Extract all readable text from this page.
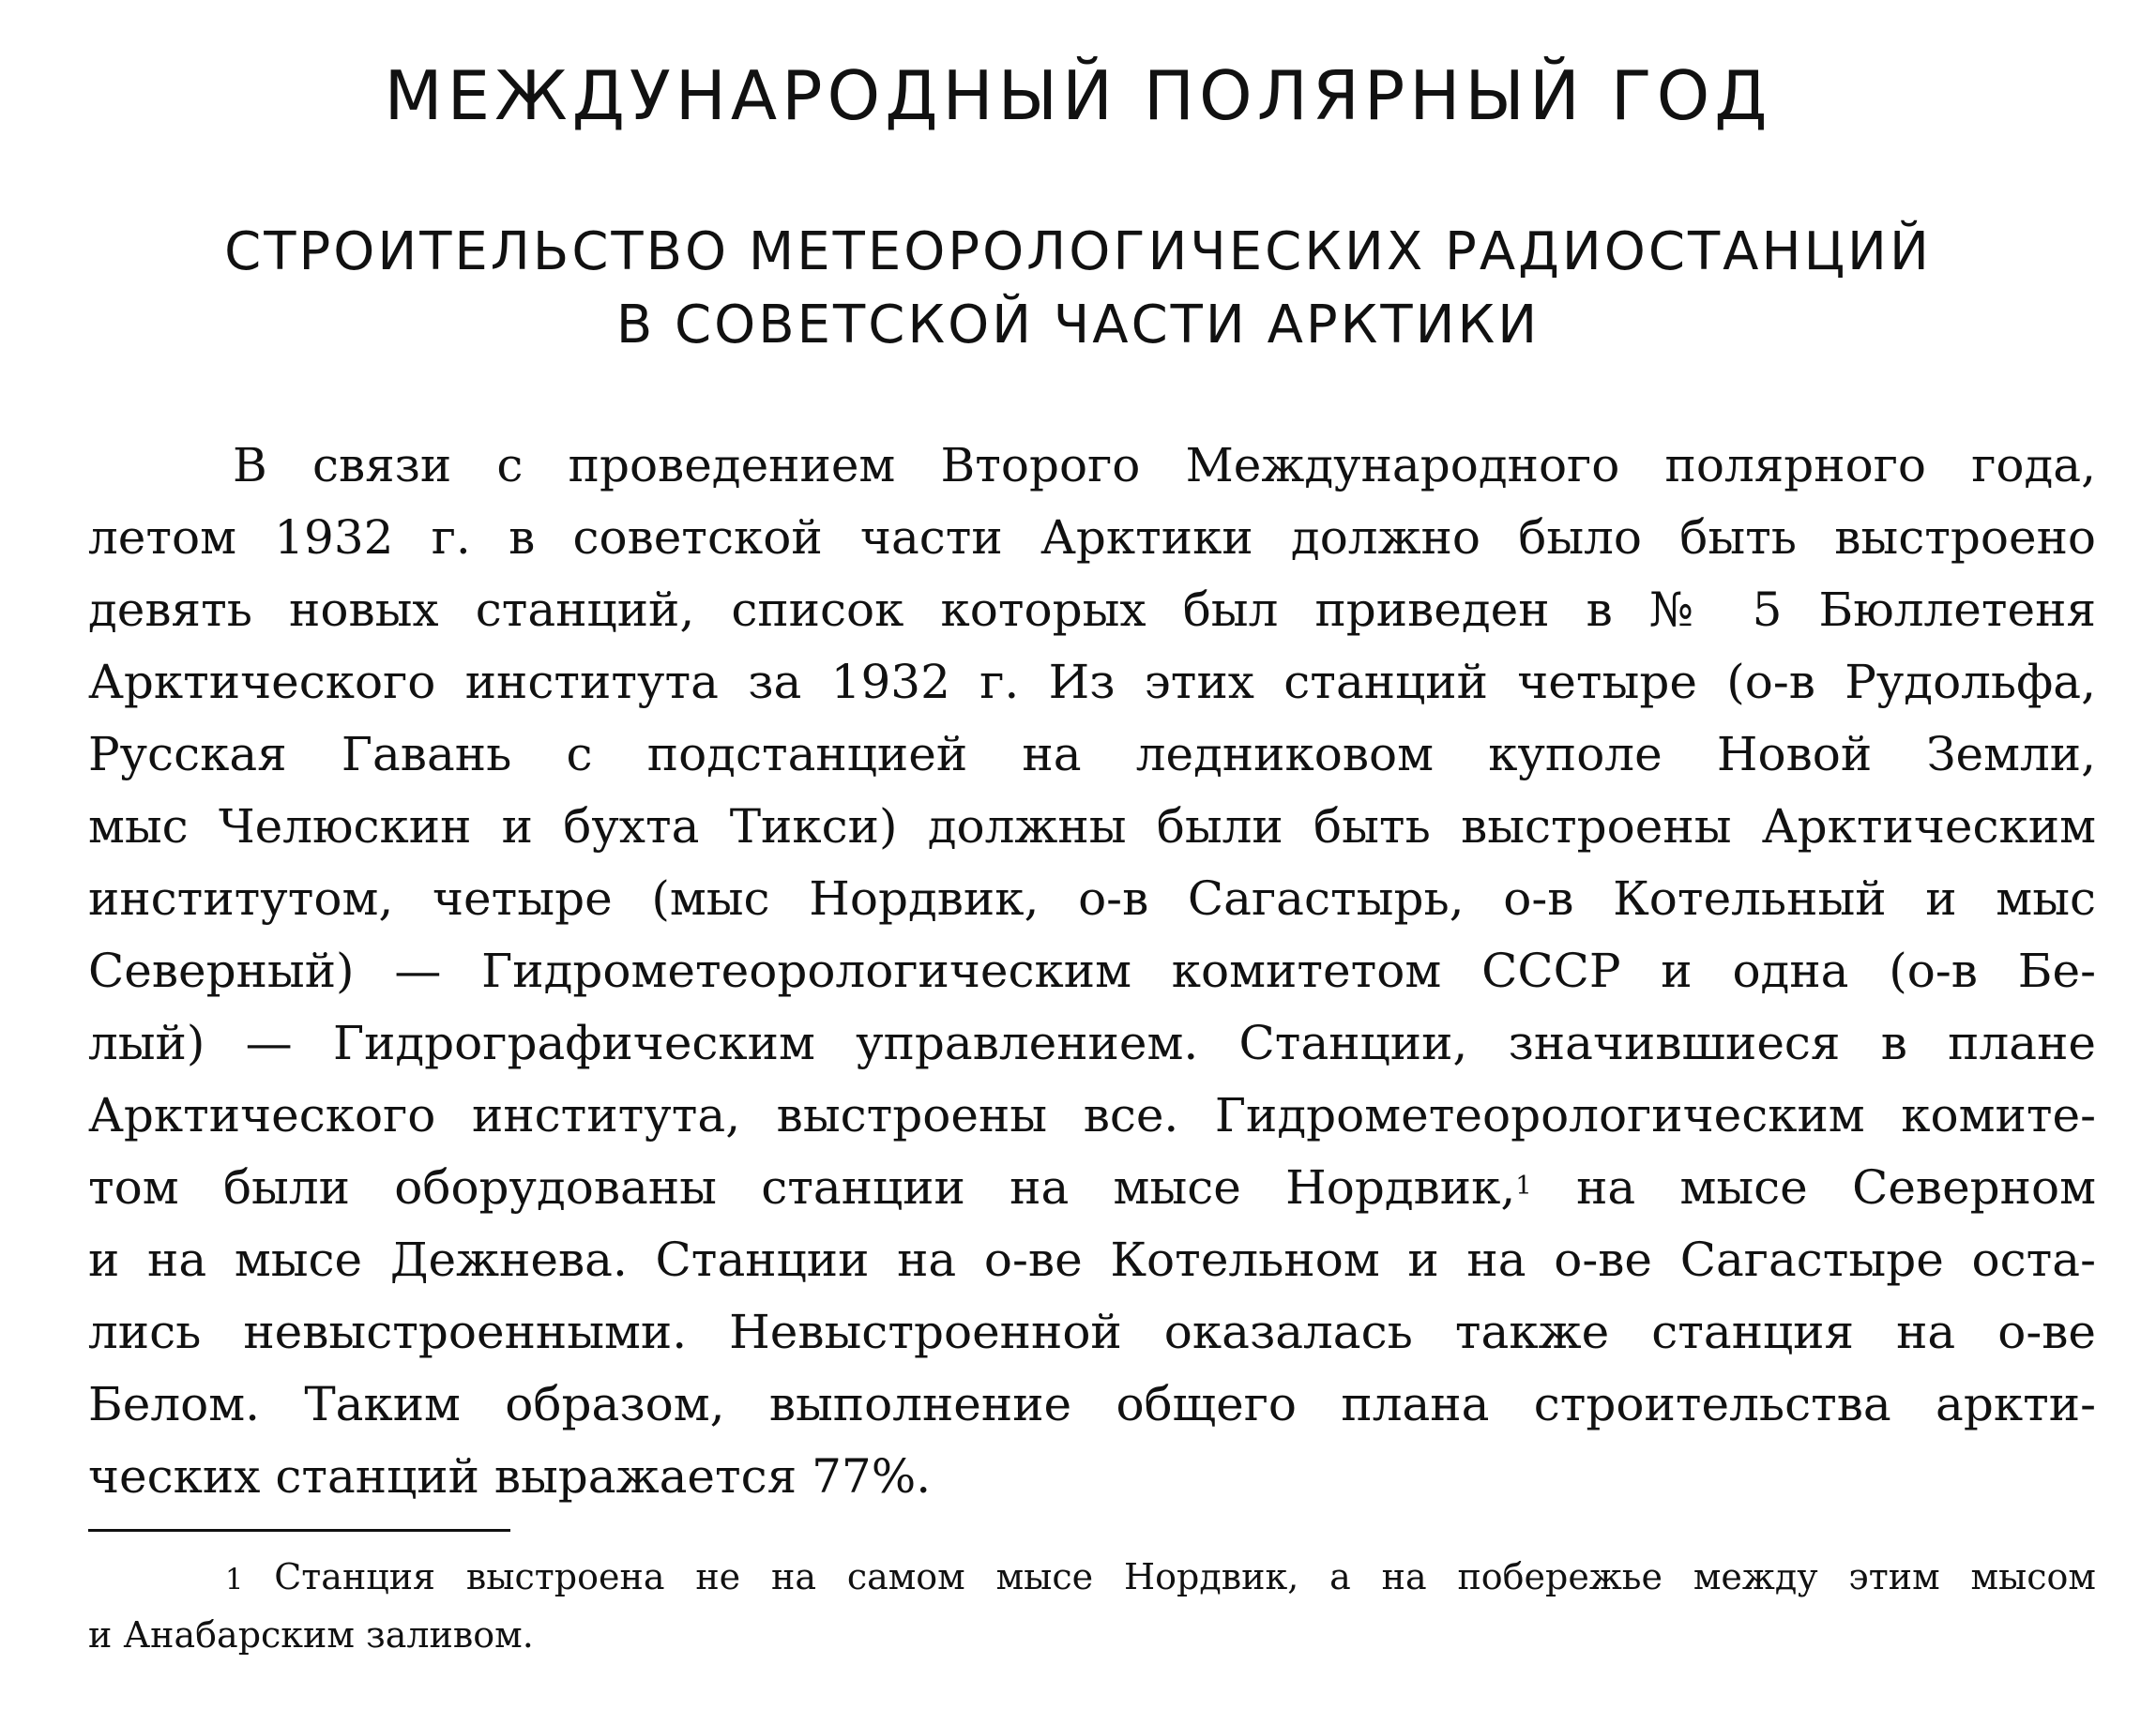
МЕЖДУНАРОДНЫЙ ПОЛЯРНЫЙ ГОД
СТРОИТЕЛЬСТВО МЕТЕОРОЛОГИЧЕСКИХ РАДИОСТАНЦИЙ
В СОВЕТСКОЙ ЧАСТИ АРКТИКИ
В связи с проведением Второго Международного полярного года,
летом 1932 г. в советской части Арктики должно было быть выстроено
девять новых станций, список которых был приведен в № 5 Бюллетеня
Арктического института за 1932 г. Из этих станций четыре (о-в Рудольфа,
Русская Гавань с подстанцией на ледниковом куполе Новой Земли,
мыс Челюскин и бухта Тикси) должны были быть выстроены Арктическим
институтом, четыре (мыс Нордвик, о-в Сагастырь, о-в Котельный и мыс
Северный) — Гидрометеорологическим комитетом СССР и одна (о-в Бе-
лый) — Гидрографическим управлением. Станции, значившиеся в плане
Арктического института, выстроены все. Гидрометеорологическим комите-
том были оборудованы станции на мысе Нордвик,$^1$ на мысе Северном
и на мысе Дежнева. Станции на о-ве Котельном и на о-ве Сагастыре оста-
лись невыстроенными. Невыстроенной оказалась также станция на о-ве
Белом. Таким образом, выполнение общего плана строительства аркти-
ческих станций выражается 77%.
1 Станция выстроена не на самом мысе Нордвик, а на побережье между этим мысом
и Анабарским заливом.
